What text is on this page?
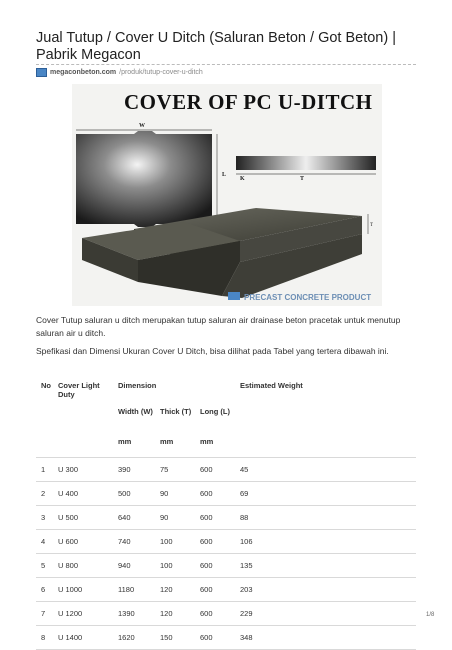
Jual Tutup / Cover U Ditch (Saluran Beton / Got Beton) | Pabrik Megacon
megaconbeton.com /produk/tutup-cover-u-ditch
COVER OF PC U-DITCH
W
L
K	T
T
PRECAST CONCRETE PRODUCT
Cover Tutup saluran u ditch merupakan tutup saluran air drainase beton pracetak untuk menutup saluran air u ditch.
Spefikasi dan Dimensi Ukuran Cover U Ditch, bisa dilihat pada Tabel yang tertera dibawah ini.
No	Cover Light Duty	Dimension			Estimated Weight
		Width (W)	Thick (T)	Long (L)	
		mm	mm	mm	
1	U 300	390	75	600	45
2	U 400	500	90	600	69
3	U 500	640	90	600	88
4	U 600	740	100	600	106
5	U 800	940	100	600	135
6	U 1000	1180	120	600	203
7	U 1200	1390	120	600	229
8	U 1400	1620	150	600	348
1/8
